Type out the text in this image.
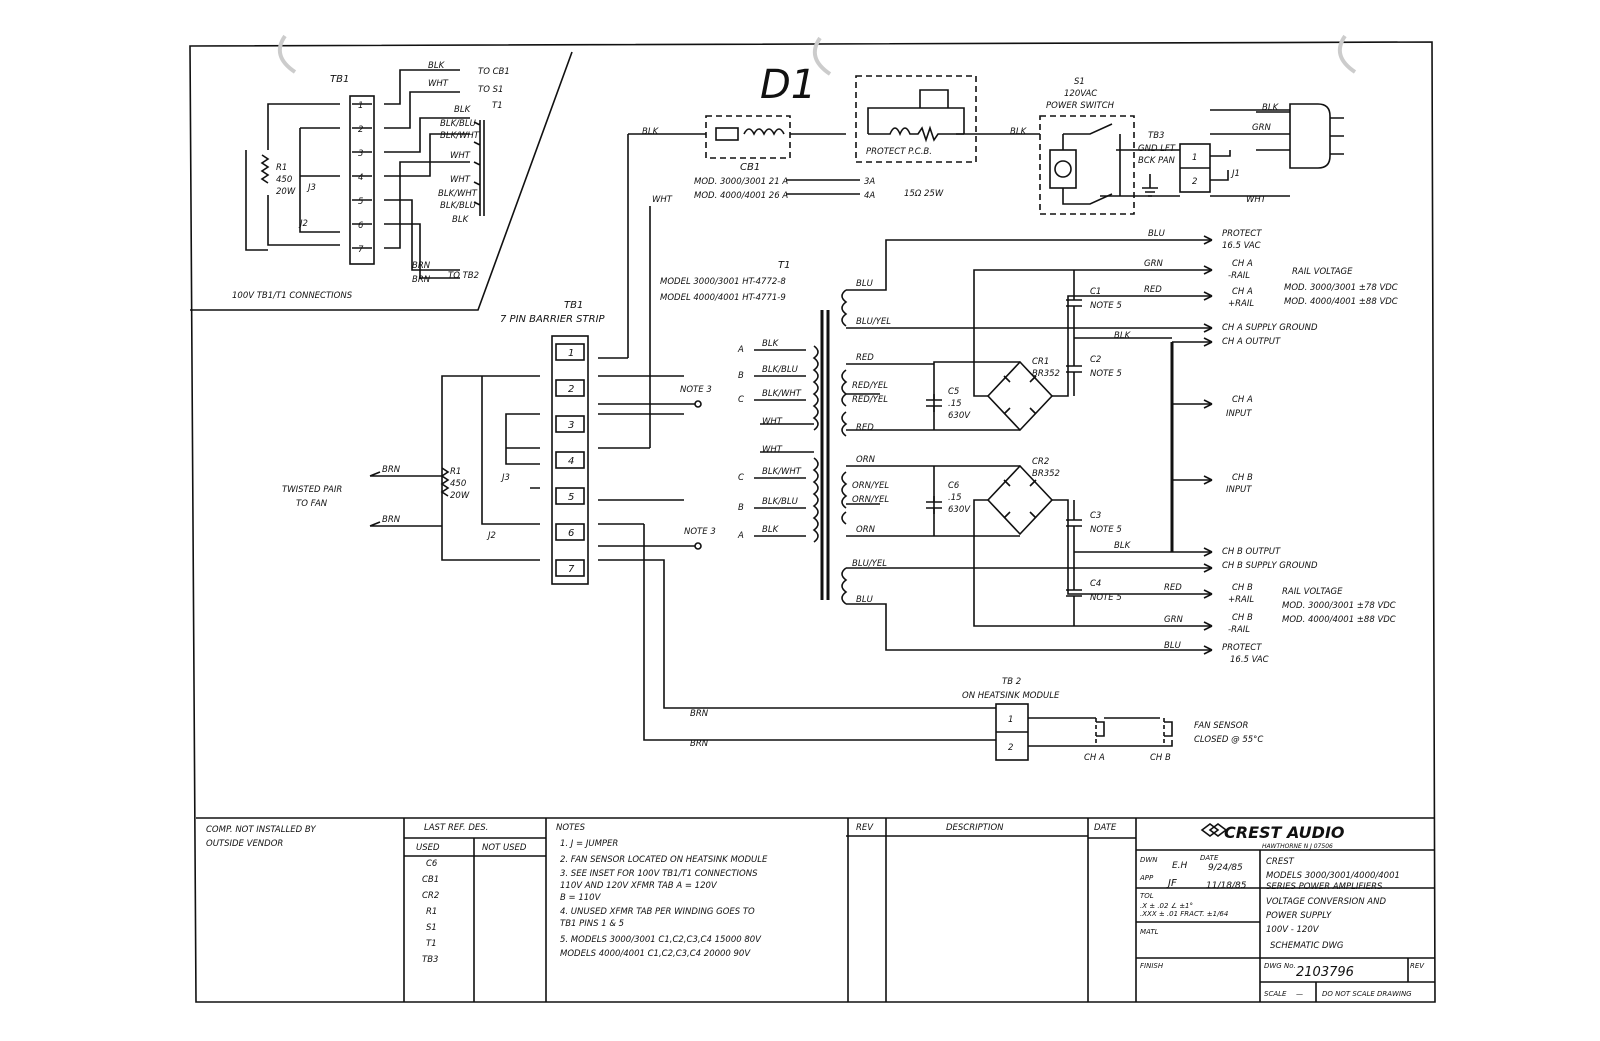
D1
TB1
1
2
3
4
5
6
7
R1
450
20W J3
J2
BLK
WHT
BLK
BLK/BLU
BLK/WHT
WHT
WHT
BLK/WHT
BLK/BLU
BLK
BRN
BRN
TO CB1
TO S1
TO TB2
T1
100V TB1/T1 CONNECTIONS
CB1
MOD. 3000/3001 21 A
MOD. 4000/4001 26 A
3A
4A	15Ω 25W
PROTECT P.C.B.
BLK
BLK
WHT
S1
120VAC
POWER SWITCH
TB3
GND LFT
BCK PAN 1
2
J1
BLK
GRN
WHT
TB1
7 PIN BARRIER STRIP
1
2
3
4
5
6
7
R1
450
20W
J3
J2
BRN
BRN
TWISTED PAIR
TO FAN
T1
MODEL 3000/3001 HT-4772-8
MODEL 4000/4001 HT-4771-9
A
BLK
B
BLK/BLU
C
BLK/WHT
WHT
WHT
C
BLK/WHT
B
BLK/BLU
A
BLK
NOTE 3
NOTE 3
BLU
BLU/YEL
RED
RED/YEL
RED/YEL
RED
ORN
ORN/YEL
ORN/YEL
ORN
BLU/YEL
BLU
C5
.15
630V
C6
.15
630V
CR1
BR352
CR2
BR352
C1
NOTE 5
C2
NOTE 5
C3
NOTE 5
C4
NOTE 5
BLU
GRN
RED
BLK
BLK
RED
GRN
BLU
PROTECT
16.5 VAC
CH A
-RAIL
CH A
+RAIL
CH A SUPPLY GROUND
CH A OUTPUT
CH A
INPUT
CH B
INPUT
CH B OUTPUT
CH B SUPPLY GROUND
CH B
+RAIL
CH B
-RAIL
PROTECT
16.5 VAC
RAIL VOLTAGE
MOD. 3000/3001 ±78 VDC
MOD. 4000/4001 ±88 VDC
RAIL VOLTAGE
MOD. 3000/3001 ±78 VDC
MOD. 4000/4001 ±88 VDC
TB 2
ON HEATSINK MODULE
1
2
BRN
BRN
CH A	CH B
FAN SENSOR
CLOSED @ 55°C
COMP. NOT INSTALLED BY
OUTSIDE VENDOR
LAST REF. DES.
USED	NOT USED
C6
CB1
CR2
R1
S1
T1
TB3
NOTES
1. J = JUMPER
2. FAN SENSOR LOCATED ON HEATSINK MODULE
3. SEE INSET FOR 100V TB1/T1 CONNECTIONS
110V AND 120V XFMR TAB A = 120V
B = 110V
4. UNUSED XFMR TAB PER WINDING GOES TO
TB1 PINS 1 & 5
5. MODELS 3000/3001 C1,C2,C3,C4 15000 80V
MODELS 4000/4001 C1,C2,C3,C4 20000 90V
REV	DESCRIPTION	DATE	CREST AUDIO
HAWTHORNE N J 07506
DWN
E.H
DATE
9/24/85
APP JF	11/18/85
TOL
.X ± .02 ∠ ±1°
.XXX ± .01 FRACT. ±1/64
MATL
FINISH	DWG No.	REV
SCALE —	DO NOT SCALE DRAWING
CREST
MODELS 3000/3001/4000/4001
SERIES POWER AMPLIFIERS
VOLTAGE CONVERSION AND
POWER SUPPLY
100V - 120V
SCHEMATIC DWG
2103796
